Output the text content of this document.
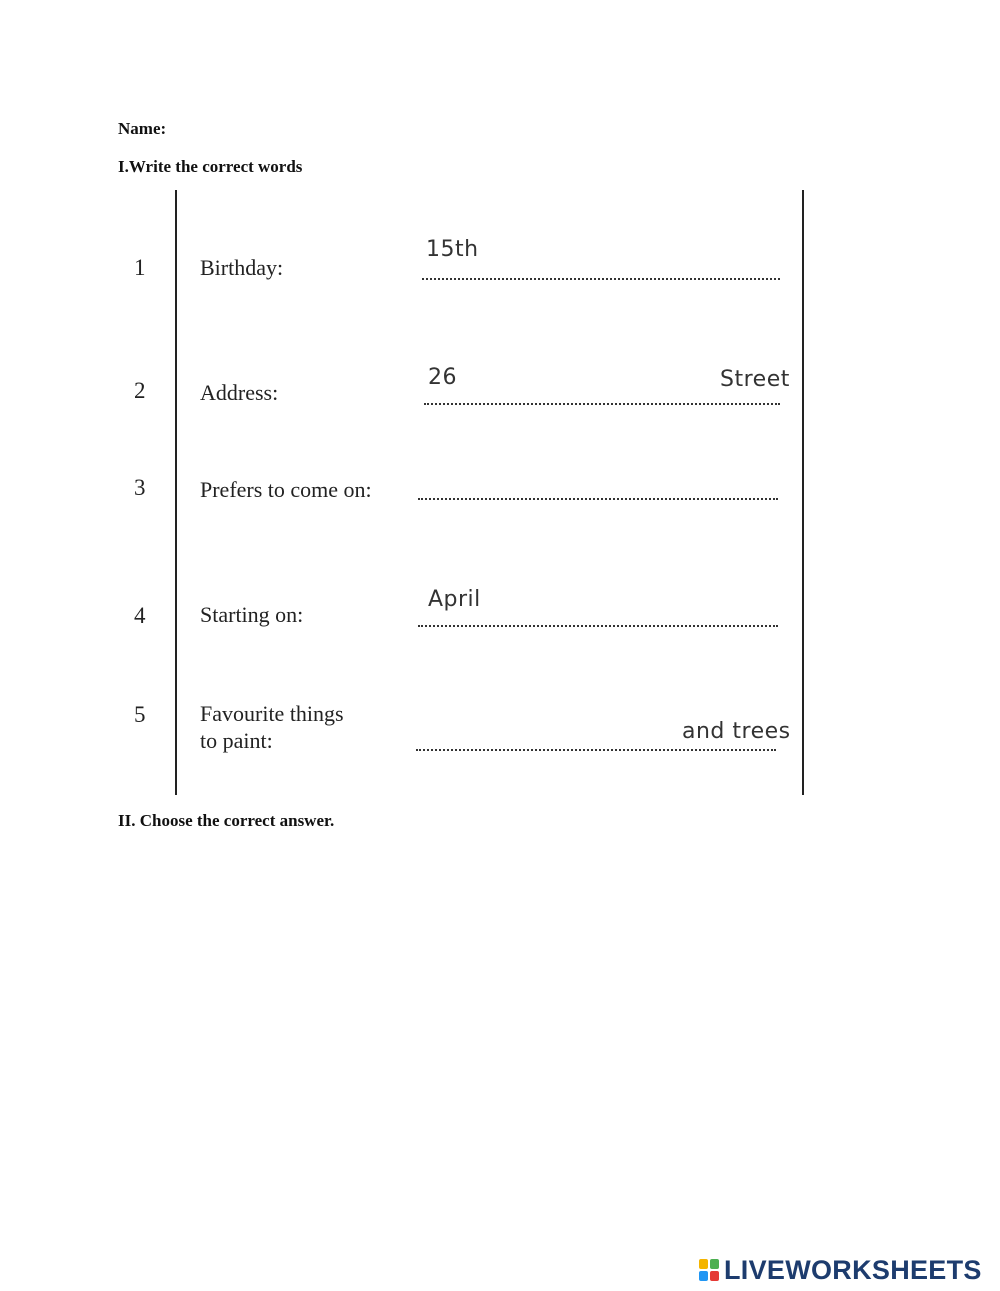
Name:
I.Write the correct words
1 Birthday:
15th
2 Address:
26	Street
3 Prefers to come on:
4 Starting on:
April
5 Favourite things
to paint:	and trees
II. Choose the correct answer.
LIVEWORKSHEETS
